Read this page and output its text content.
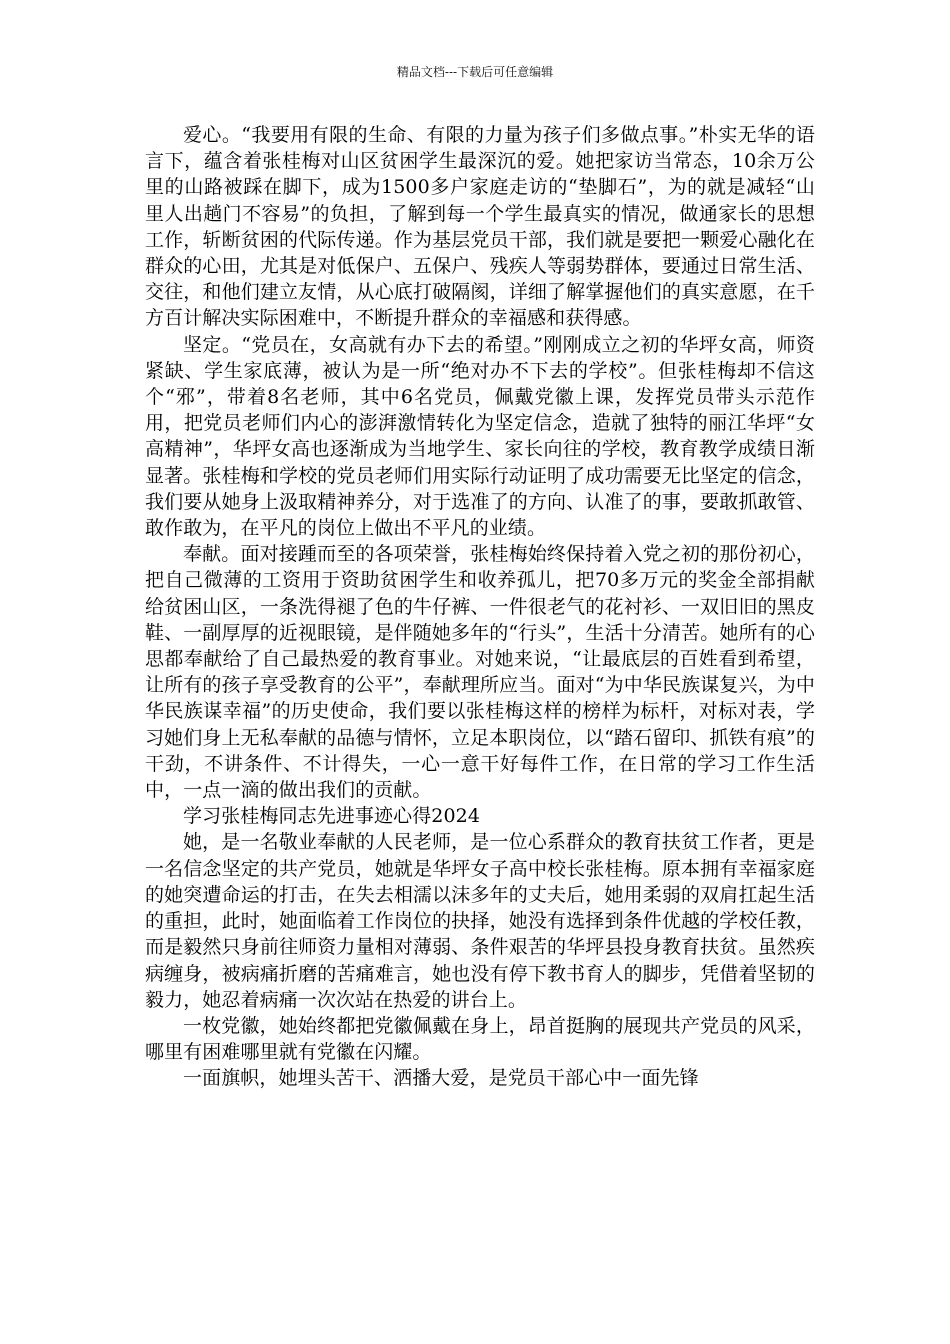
精品文档---下载后可任意编辑

爱心。“我要用有限的生命、有限的力量为孩子们多做点事。”朴实无华的语言下，蕴含着张桂梅对山区贫困学生最深沉的爱。她把家访当常态，10余万公里的山路被踩在脚下，成为1500多户家庭走访的“垫脚石”，为的就是减轻“山里人出趟门不容易”的负担，了解到每一个学生最真实的情况，做通家长的思想工作，斩断贫困的代际传递。作为基层党员干部，我们就是要把一颗爱心融化在群众的心田，尤其是对低保户、五保户、残疾人等弱势群体，要通过日常生活、交往，和他们建立友情，从心底打破隔阂，详细了解掌握他们的真实意愿，在千方百计解决实际困难中，不断提升群众的幸福感和获得感。

坚定。“党员在，女高就有办下去的希望。”刚刚成立之初的华坪女高，师资紧缺、学生家底薄，被认为是一所“绝对办不下去的学校”。但张桂梅却不信这个“邪”，带着8名老师，其中6名党员，佩戴党徽上课，发挥党员带头示范作用，把党员老师们内心的澎湃激情转化为坚定信念，造就了独特的丽江华坪“女高精神”，华坪女高也逐渐成为当地学生、家长向往的学校，教育教学成绩日渐显著。张桂梅和学校的党员老师们用实际行动证明了成功需要无比坚定的信念，我们要从她身上汲取精神养分，对于选准了的方向、认准了的事，要敢抓敢管、敢作敢为，在平凡的岗位上做出不平凡的业绩。

奉献。面对接踵而至的各项荣誉，张桂梅始终保持着入党之初的那份初心，把自己微薄的工资用于资助贫困学生和收养孤儿，把70多万元的奖金全部捐献给贫困山区，一条洗得褪了色的牛仔裤、一件很老气的花衬衫、一双旧旧的黑皮鞋、一副厚厚的近视眼镜，是伴随她多年的“行头”，生活十分清苦。她所有的心思都奉献给了自己最热爱的教育事业。对她来说，“让最底层的百姓看到希望，让所有的孩子享受教育的公平”，奉献理所应当。面对“为中华民族谋复兴，为中华民族谋幸福”的历史使命，我们要以张桂梅这样的榜样为标杆，对标对表，学习她们身上无私奉献的品德与情怀，立足本职岗位，以“踏石留印、抓铁有痕”的干劲，不讲条件、不计得失，一心一意干好每件工作，在日常的学习工作生活中，一点一滴的做出我们的贡献。

学习张桂梅同志先进事迹心得2024

她，是一名敬业奉献的人民老师，是一位心系群众的教育扶贫工作者，更是一名信念坚定的共产党员，她就是华坪女子高中校长张桂梅。原本拥有幸福家庭的她突遭命运的打击，在失去相濡以沫多年的丈夫后，她用柔弱的双肩扛起生活的重担，此时，她面临着工作岗位的抉择，她没有选择到条件优越的学校任教，而是毅然只身前往师资力量相对薄弱、条件艰苦的华坪县投身教育扶贫。虽然疾病缠身，被病痛折磨的苦痛难言，她也没有停下教书育人的脚步，凭借着坚韧的毅力，她忍着病痛一次次站在热爱的讲台上。

一枚党徽，她始终都把党徽佩戴在身上，昂首挺胸的展现共产党员的风采，哪里有困难哪里就有党徽在闪耀。

一面旗帜，她埋头苦干、洒播大爱，是党员干部心中一面先锋
